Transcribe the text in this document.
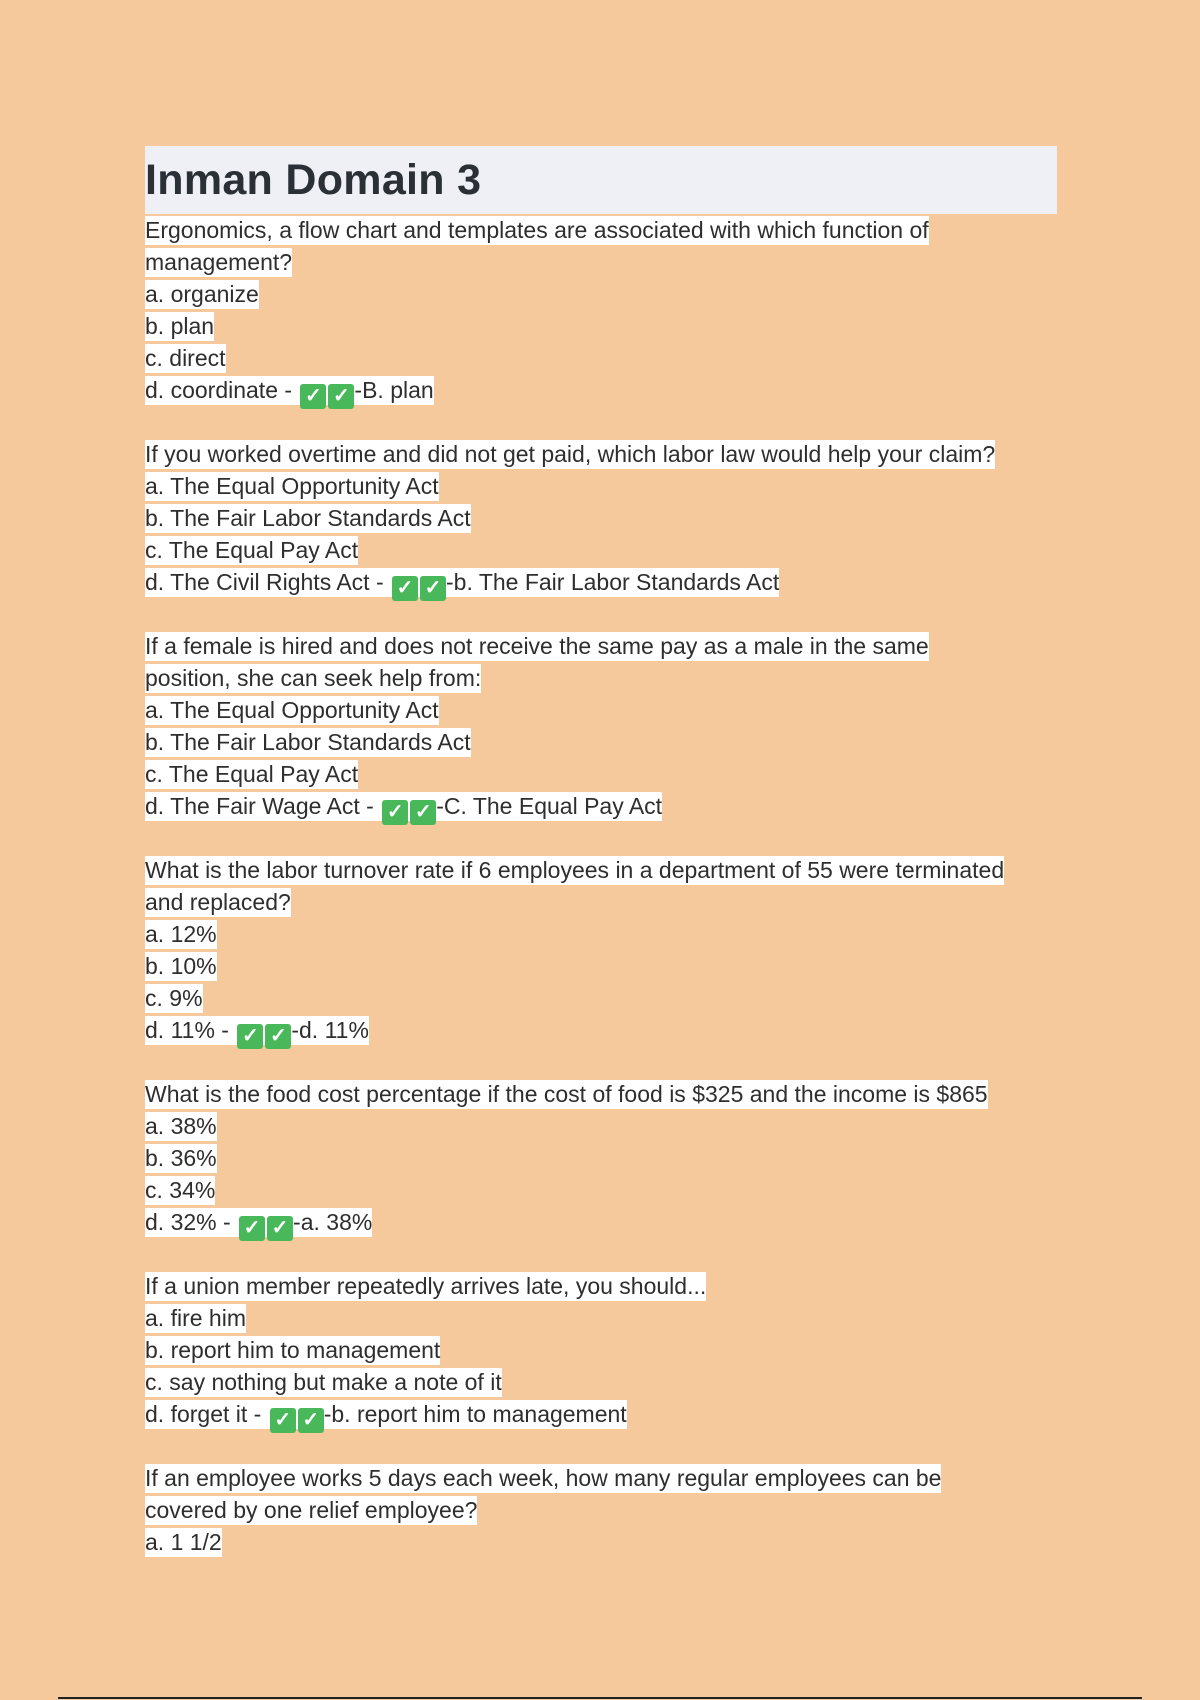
Inman Domain 3
Ergonomics, a flow chart and templates are associated with which function of
management?
a. organize
b. plan
c. direct
d. coordinate - ✓ ✓ -B. plan
If you worked overtime and did not get paid, which labor law would help your claim?
a. The Equal Opportunity Act
b. The Fair Labor Standards Act
c. The Equal Pay Act
d. The Civil Rights Act - ✓ ✓ -b. The Fair Labor Standards Act
If a female is hired and does not receive the same pay as a male in the same
position, she can seek help from:
a. The Equal Opportunity Act
b. The Fair Labor Standards Act
c. The Equal Pay Act
d. The Fair Wage Act - ✓ ✓ -C. The Equal Pay Act
What is the labor turnover rate if 6 employees in a department of 55 were terminated
and replaced?
a. 12%
b. 10%
c. 9%
d. 11% - ✓ ✓ -d. 11%
What is the food cost percentage if the cost of food is $325 and the income is $865
a. 38%
b. 36%
c. 34%
d. 32% - ✓ ✓ -a. 38%
If a union member repeatedly arrives late, you should...
a. fire him
b. report him to management
c. say nothing but make a note of it
d. forget it - ✓ ✓ -b. report him to management
If an employee works 5 days each week, how many regular employees can be
covered by one relief employee?
a. 1 1/2
